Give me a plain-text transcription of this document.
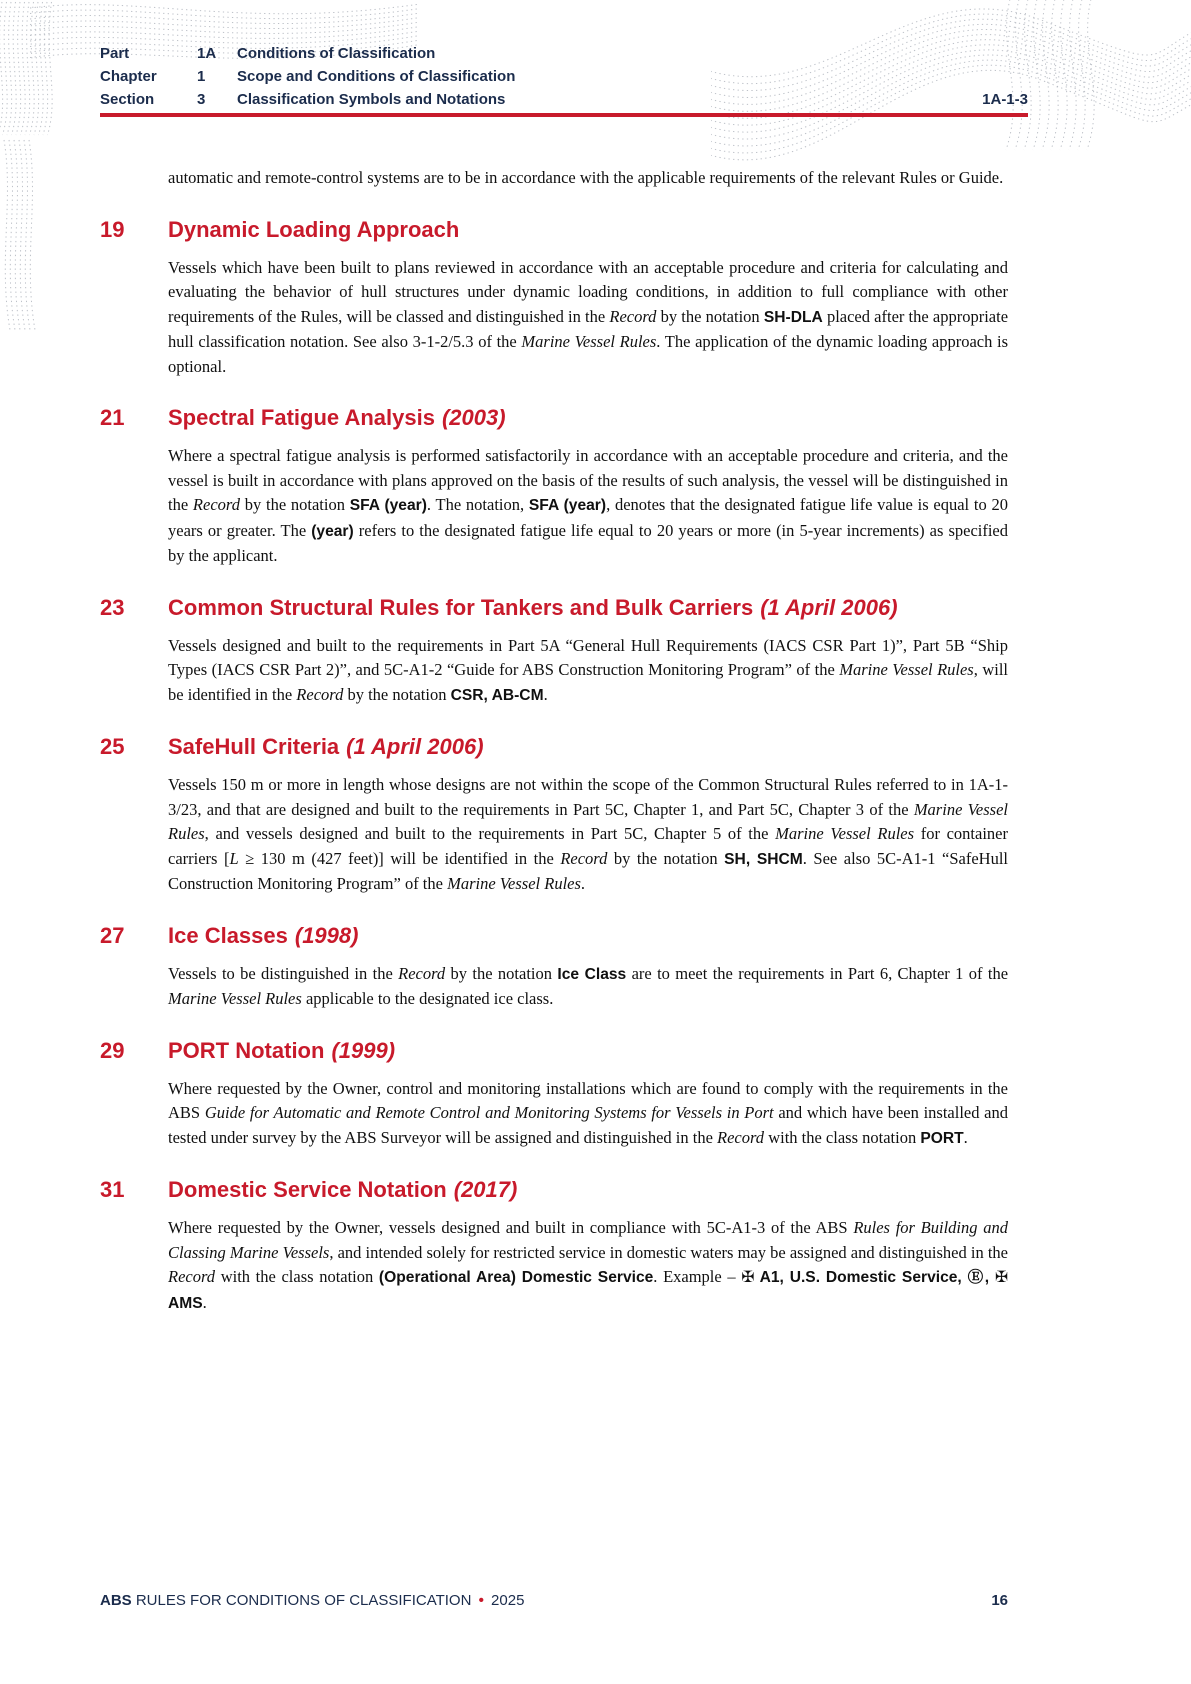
Part	1A	Conditions of Classification
Chapter	1	Scope and Conditions of Classification
Section	3	Classification Symbols and Notations	1A-1-3

automatic and remote-control systems are to be in accordance with the applicable requirements of the relevant Rules or Guide.

19 Dynamic Loading Approach

Vessels which have been built to plans reviewed in accordance with an acceptable procedure and criteria for calculating and evaluating the behavior of hull structures under dynamic loading conditions, in addition to full compliance with other requirements of the Rules, will be classed and distinguished in the Record by the notation SH-DLA placed after the appropriate hull classification notation. See also 3-1-2/5.3 of the Marine Vessel Rules. The application of the dynamic loading approach is optional.

21 Spectral Fatigue Analysis (2003)

Where a spectral fatigue analysis is performed satisfactorily in accordance with an acceptable procedure and criteria, and the vessel is built in accordance with plans approved on the basis of the results of such analysis, the vessel will be distinguished in the Record by the notation SFA (year). The notation, SFA (year), denotes that the designated fatigue life value is equal to 20 years or greater. The (year) refers to the designated fatigue life equal to 20 years or more (in 5-year increments) as specified by the applicant.

23 Common Structural Rules for Tankers and Bulk Carriers (1 April 2006)

Vessels designed and built to the requirements in Part 5A “General Hull Requirements (IACS CSR Part 1)”, Part 5B “Ship Types (IACS CSR Part 2)”, and 5C-A1-2 “Guide for ABS Construction Monitoring Program” of the Marine Vessel Rules, will be identified in the Record by the notation CSR, AB-CM.

25 SafeHull Criteria (1 April 2006)

Vessels 150 m or more in length whose designs are not within the scope of the Common Structural Rules referred to in 1A-1-3/23, and that are designed and built to the requirements in Part 5C, Chapter 1, and Part 5C, Chapter 3 of the Marine Vessel Rules, and vessels designed and built to the requirements in Part 5C, Chapter 5 of the Marine Vessel Rules for container carriers [L ≥ 130 m (427 feet)] will be identified in the Record by the notation SH, SHCM. See also 5C-A1-1 “SafeHull Construction Monitoring Program” of the Marine Vessel Rules.

27 Ice Classes (1998)

Vessels to be distinguished in the Record by the notation Ice Class are to meet the requirements in Part 6, Chapter 1 of the Marine Vessel Rules applicable to the designated ice class.

29 PORT Notation (1999)

Where requested by the Owner, control and monitoring installations which are found to comply with the requirements in the ABS Guide for Automatic and Remote Control and Monitoring Systems for Vessels in Port and which have been installed and tested under survey by the ABS Surveyor will be assigned and distinguished in the Record with the class notation PORT.

31 Domestic Service Notation (2017)

Where requested by the Owner, vessels designed and built in compliance with 5C-A1-3 of the ABS Rules for Building and Classing Marine Vessels, and intended solely for restricted service in domestic waters may be assigned and distinguished in the Record with the class notation (Operational Area) Domestic Service. Example – ✠ A1, U.S. Domestic Service, Ⓔ, ✠ AMS.

ABS RULES FOR CONDITIONS OF CLASSIFICATION • 2025	16
